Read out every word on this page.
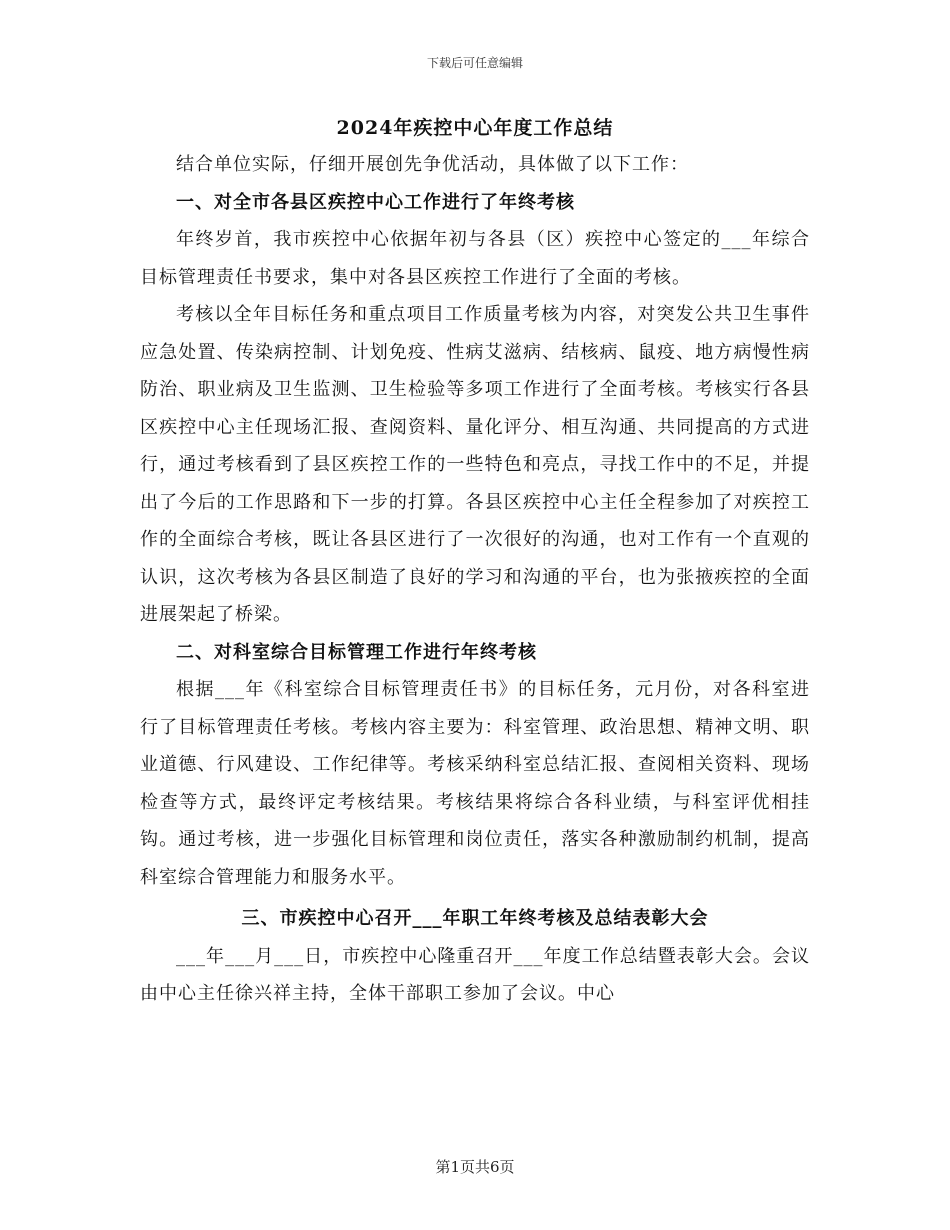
下载后可任意编辑

2024年疾控中心年度工作总结

结合单位实际，仔细开展创先争优活动，具体做了以下工作：

一、对全市各县区疾控中心工作进行了年终考核

年终岁首，我市疾控中心依据年初与各县（区）疾控中心签定的___年综合目标管理责任书要求，集中对各县区疾控工作进行了全面的考核。

考核以全年目标任务和重点项目工作质量考核为内容，对突发公共卫生事件应急处置、传染病控制、计划免疫、性病艾滋病、结核病、鼠疫、地方病慢性病防治、职业病及卫生监测、卫生检验等多项工作进行了全面考核。考核实行各县区疾控中心主任现场汇报、查阅资料、量化评分、相互沟通、共同提高的方式进行，通过考核看到了县区疾控工作的一些特色和亮点，寻找工作中的不足，并提出了今后的工作思路和下一步的打算。各县区疾控中心主任全程参加了对疾控工作的全面综合考核，既让各县区进行了一次很好的沟通，也对工作有一个直观的认识，这次考核为各县区制造了良好的学习和沟通的平台，也为张掖疾控的全面进展架起了桥梁。

二、对科室综合目标管理工作进行年终考核

根据___年《科室综合目标管理责任书》的目标任务，元月份，对各科室进行了目标管理责任考核。考核内容主要为：科室管理、政治思想、精神文明、职业道德、行风建设、工作纪律等。考核采纳科室总结汇报、查阅相关资料、现场检查等方式，最终评定考核结果。考核结果将综合各科业绩，与科室评优相挂钩。通过考核，进一步强化目标管理和岗位责任，落实各种激励制约机制，提高科室综合管理能力和服务水平。

三、市疾控中心召开___年职工年终考核及总结表彰大会

___年___月___日，市疾控中心隆重召开___年度工作总结暨表彰大会。会议由中心主任徐兴祥主持，全体干部职工参加了会议。中心

第1页共6页
